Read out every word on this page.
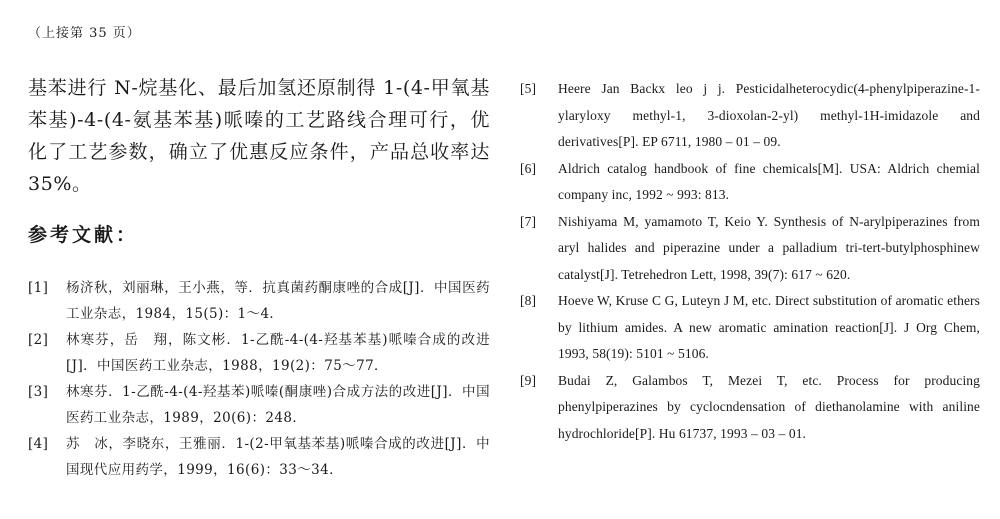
（上接第 35 页）

基苯进行 N-烷基化、最后加氢还原制得 1-(4-甲氧基苯基)-4-(4-氨基苯基)哌嗪的工艺路线合理可行，优化了工艺参数，确立了优惠反应条件，产品总收率达 35%。

参考文献：
[1]	杨济秋，刘丽琳，王小燕，等．抗真菌药酮康唑的合成[J]．中国医药工业杂志，1984，15(5)：1～4．
[2]	林寒芬，岳　翔，陈文彬．1-乙酰-4-(4-羟基苯基)哌嗪合成的改进[J]．中国医药工业杂志，1988，19(2)：75～77．
[3]	林寒芬．1-乙酰-4-(4-羟基苯)哌嗪(酮康唑)合成方法的改进[J]．中国医药工业杂志，1989，20(6)：248．
[4]	苏　冰，李晓东，王雅丽．1-(2-甲氧基苯基)哌嗪合成的改进[J]．中国现代应用药学，1999，16(6)：33～34．
[5]	Heere Jan Backx leo j j. Pesticidalheterocydic(4-phenylpiperazine-1-ylaryloxy methyl-1, 3-dioxolan-2-yl) methyl-1H-imidazole and derivatives[P]. EP 6711, 1980 – 01 – 09.
[6]	Aldrich catalog handbook of fine chemicals[M]. USA: Aldrich chemial company inc, 1992 ~ 993: 813.
[7]	Nishiyama M, yamamoto T, Keio Y. Synthesis of N-arylpiperazines from aryl halides and piperazine under a palladium tri-tert-butylphosphinew catalyst[J]. Tetrehedron Lett, 1998, 39(7): 617 ~ 620.
[8]	Hoeve W, Kruse C G, Luteyn J M, etc. Direct substitution of aromatic ethers by lithium amides. A new aromatic amination reaction[J]. J Org Chem, 1993, 58(19): 5101 ~ 5106.
[9]	Budai Z, Galambos T, Mezei T, etc. Process for producing phenylpiperazines by cyclocndensation of diethanolamine with aniline hydrochloride[P]. Hu 61737, 1993 – 03 – 01.
